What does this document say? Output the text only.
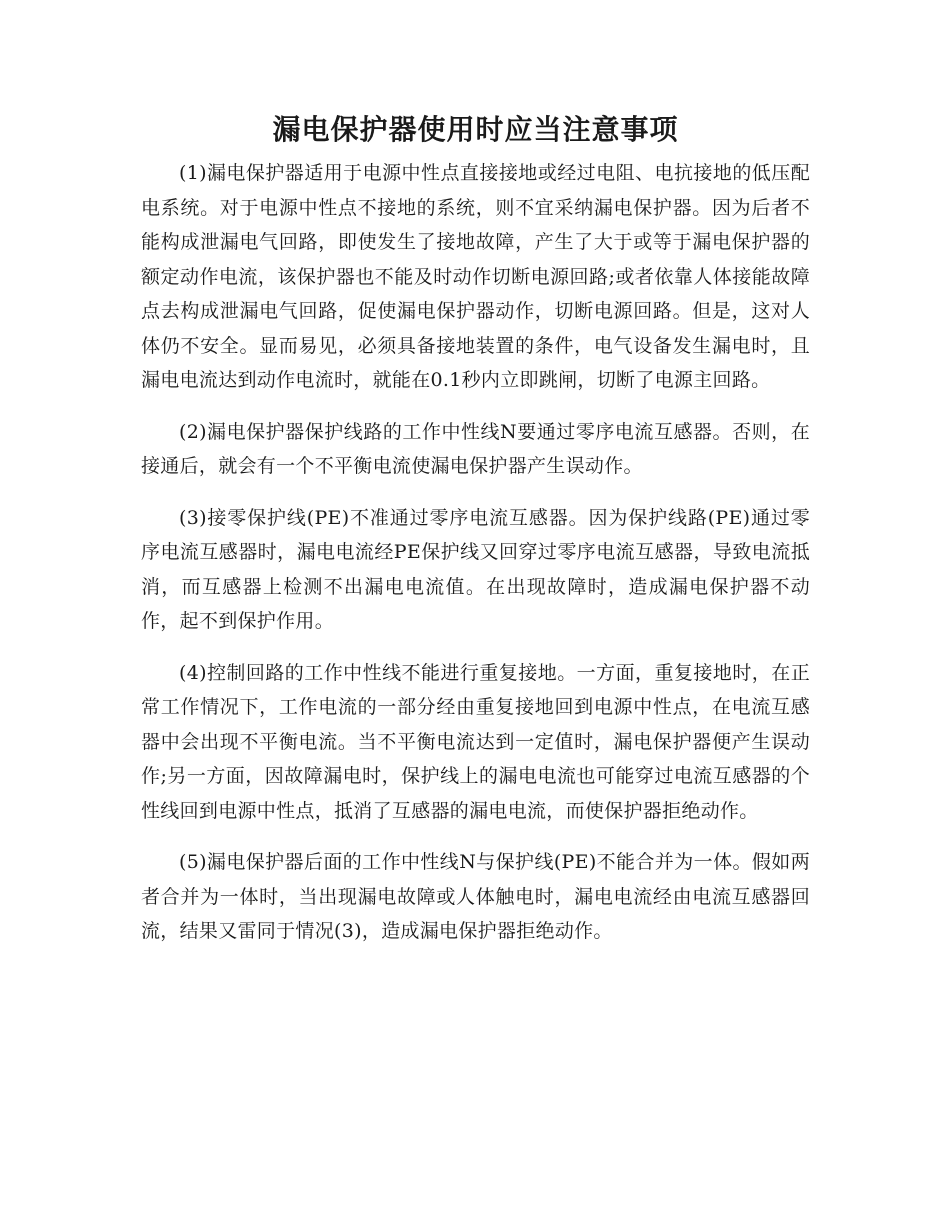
漏电保护器使用时应当注意事项

(1)漏电保护器适用于电源中性点直接接地或经过电阻、电抗接地的低压配电系统。对于电源中性点不接地的系统，则不宜采纳漏电保护器。因为后者不能构成泄漏电气回路，即使发生了接地故障，产生了大于或等于漏电保护器的额定动作电流，该保护器也不能及时动作切断电源回路;或者依靠人体接能故障点去构成泄漏电气回路，促使漏电保护器动作，切断电源回路。但是，这对人体仍不安全。显而易见，必须具备接地装置的条件，电气设备发生漏电时，且漏电电流达到动作电流时，就能在0.1秒内立即跳闸，切断了电源主回路。

(2)漏电保护器保护线路的工作中性线N要通过零序电流互感器。否则，在接通后，就会有一个不平衡电流使漏电保护器产生误动作。

(3)接零保护线(PE)不准通过零序电流互感器。因为保护线路(PE)通过零序电流互感器时，漏电电流经PE保护线又回穿过零序电流互感器，导致电流抵消，而互感器上检测不出漏电电流值。在出现故障时，造成漏电保护器不动作，起不到保护作用。

(4)控制回路的工作中性线不能进行重复接地。一方面，重复接地时，在正常工作情况下，工作电流的一部分经由重复接地回到电源中性点，在电流互感器中会出现不平衡电流。当不平衡电流达到一定值时，漏电保护器便产生误动作;另一方面，因故障漏电时，保护线上的漏电电流也可能穿过电流互感器的个性线回到电源中性点，抵消了互感器的漏电电流，而使保护器拒绝动作。

(5)漏电保护器后面的工作中性线N与保护线(PE)不能合并为一体。假如两者合并为一体时，当出现漏电故障或人体触电时，漏电电流经由电流互感器回流，结果又雷同于情况(3)，造成漏电保护器拒绝动作。
